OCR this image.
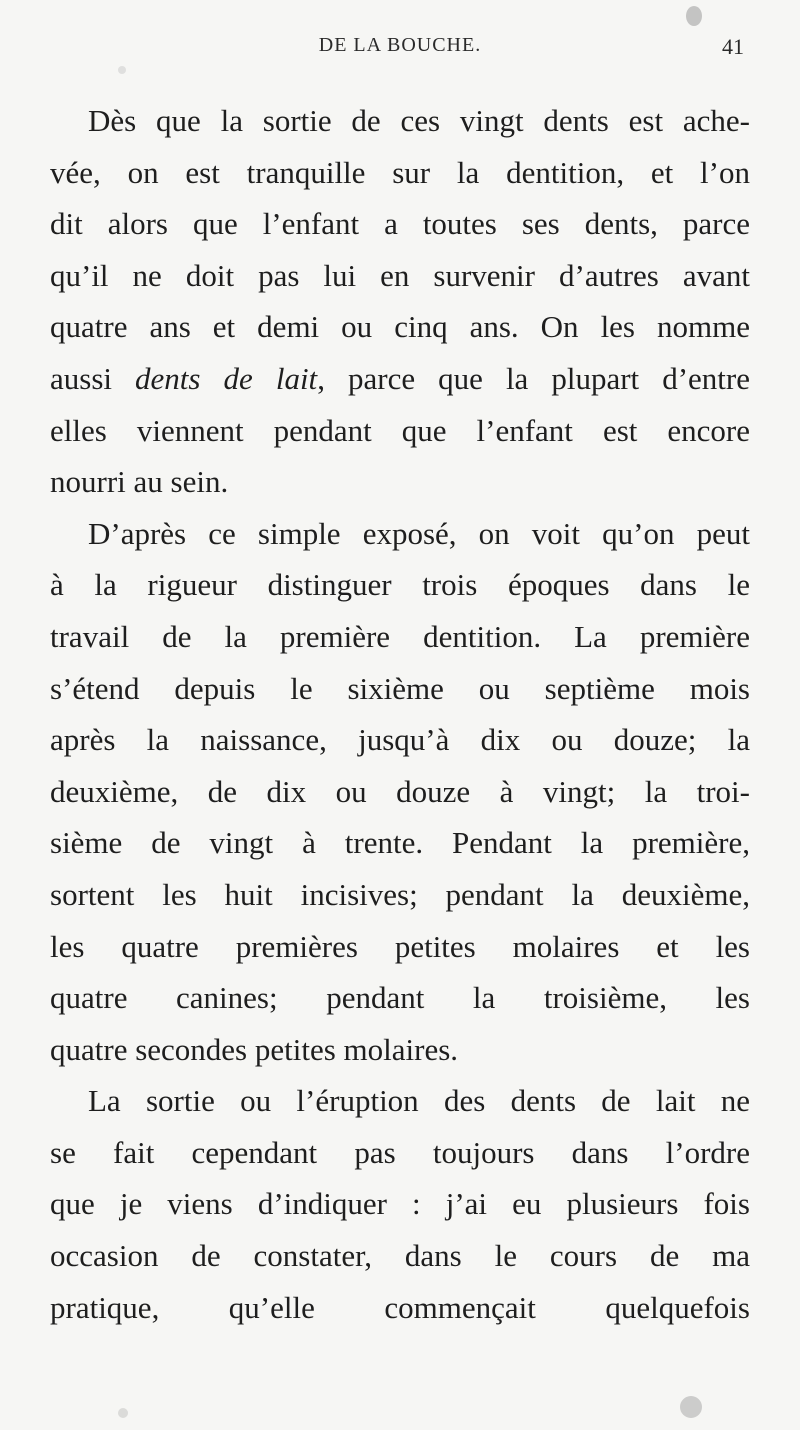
DE LA BOUCHE.	41
Dès que la sortie de ces vingt dents est ache-
vée, on est tranquille sur la dentition, et l’on
dit alors que l’enfant a toutes ses dents, parce
qu’il ne doit pas lui en survenir d’autres avant
quatre ans et demi ou cinq ans. On les nomme
aussi dents de lait, parce que la plupart d’entre
elles viennent pendant que l’enfant est encore
nourri au sein.
D’après ce simple exposé, on voit qu’on peut
à la rigueur distinguer trois époques dans le
travail de la première dentition. La première
s’étend depuis le sixième ou septième mois
après la naissance, jusqu’à dix ou douze; la
deuxième, de dix ou douze à vingt; la troi-
sième de vingt à trente. Pendant la première,
sortent les huit incisives; pendant la deuxième,
les quatre premières petites molaires et les
quatre canines; pendant la troisième, les
quatre secondes petites molaires.
La sortie ou l’éruption des dents de lait ne
se fait cependant pas toujours dans l’ordre
que je viens d’indiquer : j’ai eu plusieurs fois
occasion de constater, dans le cours de ma
pratique, qu’elle commençait quelquefois
